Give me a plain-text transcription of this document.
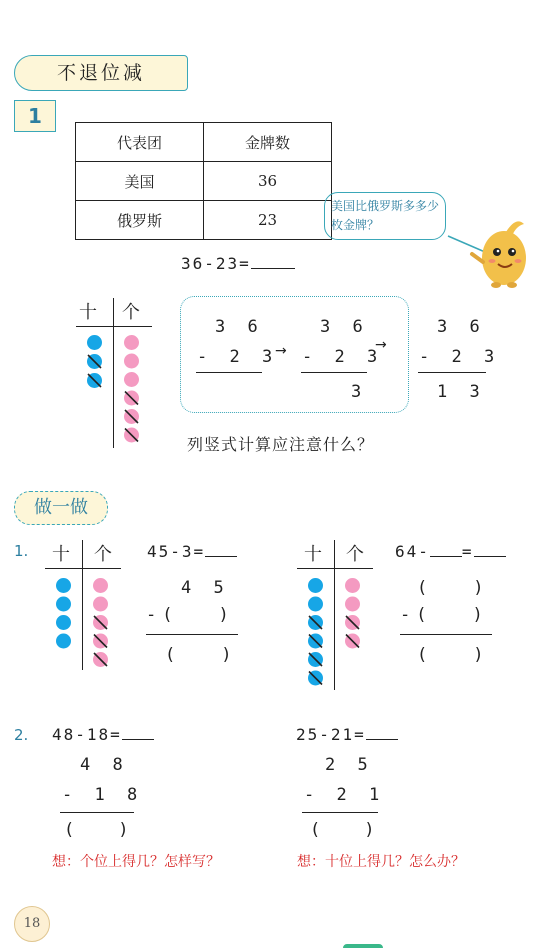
不退位减
1
代表团	金牌数
美国	36
俄罗斯	23
美国比俄罗斯多多少枚金牌？
36-23=
十 个
3 6
- 2 3
→
3 6
- 2 3
3
→
3 6
- 2 3
1 3
列竖式计算应注意什么？
做一做
1. 十 个 45-3=
4 5
-( )
( )
十 个 64- =
( )
-( )
( )
2. 48-18=
4 8
- 1 8
( )
想：个位上得几？怎样写？
25-21=
2 5
- 2 1
( )
想：十位上得几？怎么办？
18
